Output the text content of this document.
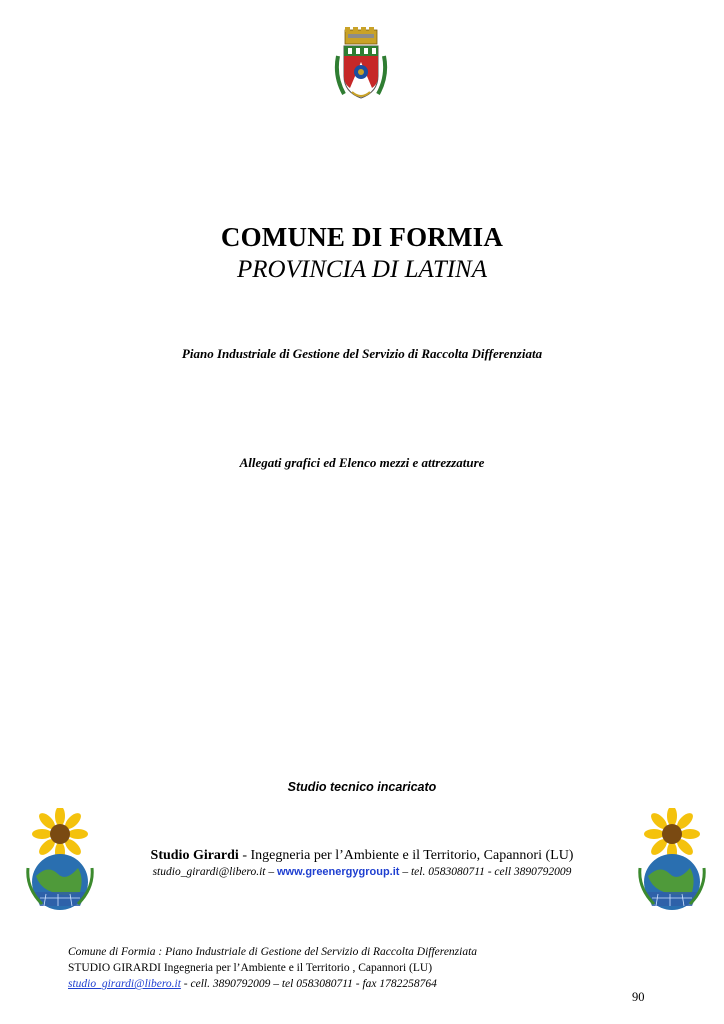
COMUNE DI FORMIA
PROVINCIA DI LATINA
Piano Industriale di Gestione del Servizio di Raccolta Differenziata
Allegati grafici ed Elenco mezzi e attrezzature
Studio tecnico incaricato
Studio Girardi - Ingegneria per l’Ambiente e il Territorio, Capannori (LU)
studio_girardi@libero.it – www.greenergygroup.it – tel. 0583080711 - cell 3890792009
Comune di Formia : Piano Industriale di Gestione del Servizio di Raccolta Differenziata
STUDIO GIRARDI Ingegneria per l’Ambiente e il Territorio , Capannori (LU)
studio_girardi@libero.it - cell. 3890792009 – tel 0583080711 - fax 1782258764
90
